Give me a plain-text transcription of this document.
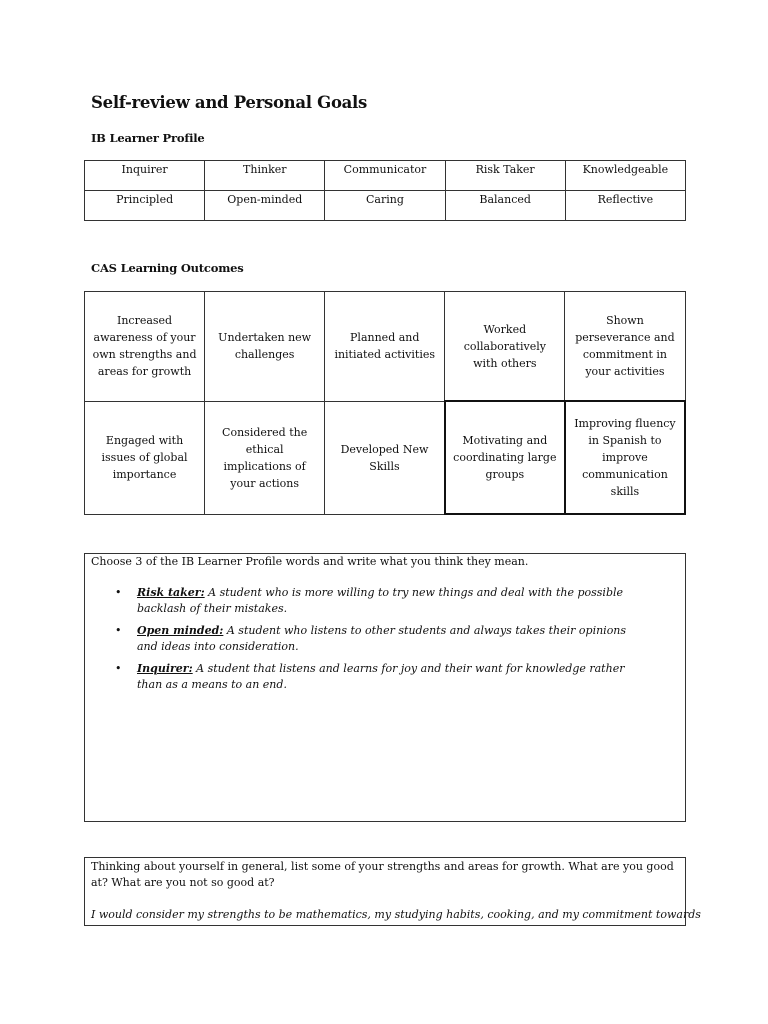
Self-review and Personal Goals
IB Learner Profile
Inquirer	Thinker	Communicator	Risk Taker	Knowledgeable
Principled	Open-minded	Caring	Balanced	Reflective
CAS Learning Outcomes
Increased awareness of your own strengths and areas for growth	Undertaken new challenges	Planned and initiated activities	Worked collaboratively with others	Shown perseverance and commitment in your activities
Engaged with issues of global importance	Considered the ethical implications of your actions	Developed New Skills	Motivating and coordinating large groups	Improving fluency in Spanish to improve communication skills
Choose 3 of the IB Learner Profile words and write what you think they mean.
• Risk taker: A student who is more willing to try new things and deal with the possible backlash of their mistakes.
• Open minded: A student who listens to other students and always takes their opinions and ideas into consideration.
• Inquirer: A student that listens and learns for joy and their want for knowledge rather than as a means to an end.
Thinking about yourself in general, list some of your strengths and areas for growth. What are you good at? What are you not so good at?
I would consider my strengths to be mathematics, my studying habits, cooking, and my commitment towards
